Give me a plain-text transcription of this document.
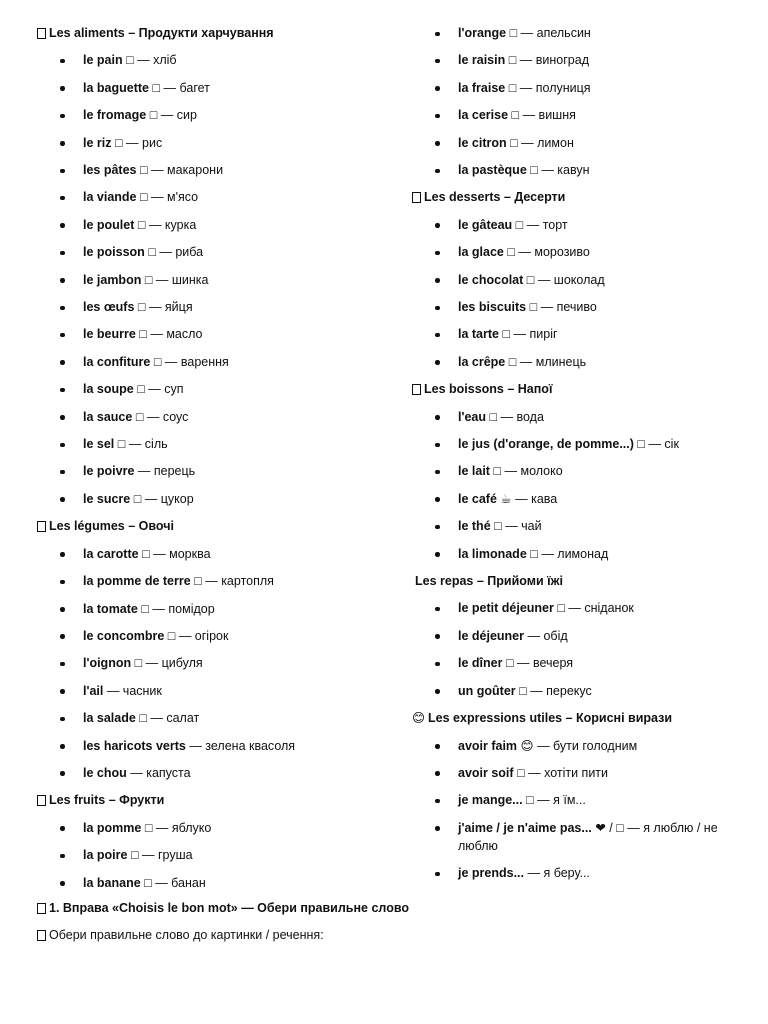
Les aliments – Продукти харчування
le pain □ — хліб
la baguette □ — багет
le fromage □ — сир
le riz □ — рис
les pâtes □ — макарони
la viande □ — м'ясо
le poulet □ — курка
le poisson □ — риба
le jambon □ — шинка
les œufs □ — яйця
le beurre □ — масло
la confiture □ — варення
la soupe □ — суп
la sauce □ — соус
le sel □ — сіль
le poivre — перець
le sucre □ — цукор
Les légumes – Овочі
la carotte □ — морква
la pomme de terre □ — картопля
la tomate □ — помідор
le concombre □ — огірок
l'oignon □ — цибуля
l'ail — часник
la salade □ — салат
les haricots verts — зелена квасоля
le chou — капуста
Les fruits – Фрукти
la pomme □ — яблуко
la poire □ — груша
la banane □ — банан
l'orange □ — апельсин
le raisin □ — виноград
la fraise □ — полуниця
la cerise □ — вишня
le citron □ — лимон
la pastèque □ — кавун
Les desserts – Десерти
le gâteau □ — торт
la glace □ — морозиво
le chocolat □ — шоколад
les biscuits □ — печиво
la tarte □ — пиріг
la crêpe □ — млинець
Les boissons – Напої
l'eau □ — вода
le jus (d'orange, de pomme...) □ — сік
le lait □ — молоко
le café ☕ — кава
le thé □ — чай
la limonade □ — лимонад
Les repas – Прийоми їжі
le petit déjeuner □ — сніданок
le déjeuner — обід
le dîner □ — вечеря
un goûter □ — перекус
😊 Les expressions utiles – Корисні вирази
avoir faim 😊 — бути голодним
avoir soif □ — хотіти пити
je mange... □ — я їм...
j'aime / je n'aime pas... ❤ / □ — я люблю / не люблю
je prends... — я беру...
1. Вправа «Choisis le bon mot» — Обери правильне слово
Обери правильне слово до картинки / речення:
